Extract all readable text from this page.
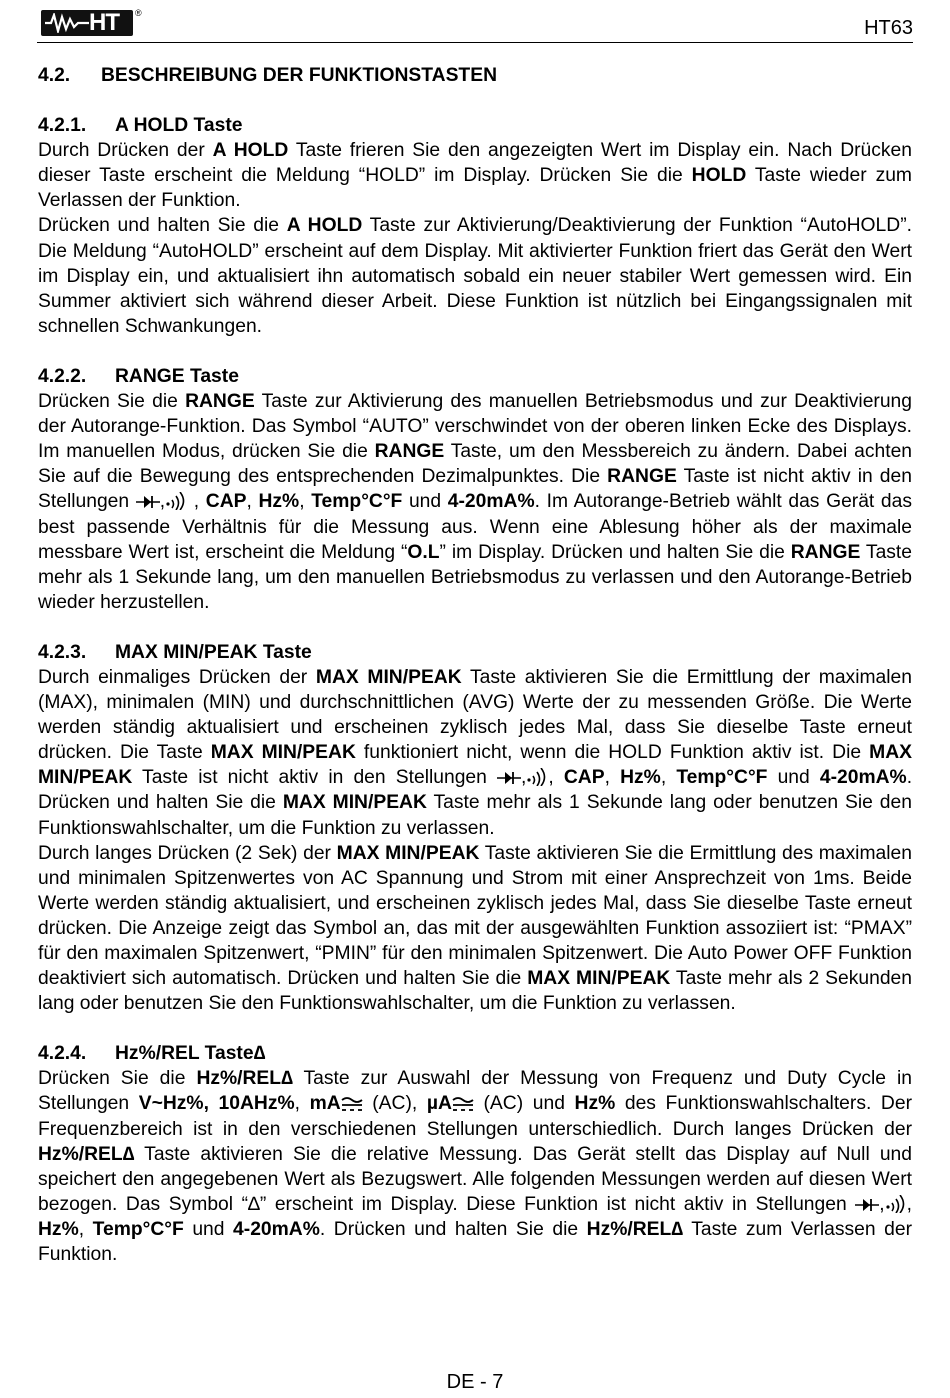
HT ®
HT63
4.2. BESCHREIBUNG DER FUNKTIONSTASTEN
4.2.1. A HOLD Taste

Durch Drücken der A HOLD Taste frieren Sie den angezeigten Wert im Display ein. Nach Drücken dieser Taste erscheint die Meldung “HOLD” im Display. Drücken Sie die HOLD Taste wieder zum Verlassen der Funktion.

Drücken und halten Sie die A HOLD Taste zur Aktivierung/Deaktivierung der Funktion “AutoHOLD”. Die Meldung “AutoHOLD” erscheint auf dem Display. Mit aktivierter Funktion friert das Gerät den Wert im Display ein, und aktualisiert ihn automatisch sobald ein neuer stabiler Wert gemessen wird. Ein Summer aktiviert sich während dieser Arbeit. Diese Funktion ist nützlich bei Eingangssignalen mit schnellen Schwankungen.

4.2.2. RANGE Taste

Drücken Sie die RANGE Taste zur Aktivierung des manuellen Betriebsmodus und zur Deaktivierung der Autorange-Funktion. Das Symbol “AUTO” verschwindet von der oberen linken Ecke des Displays. Im manuellen Modus, drücken Sie die RANGE Taste, um den Messbereich zu ändern. Dabei achten Sie auf die Bewegung des entsprechenden Dezimalpunktes. Die RANGE Taste ist nicht aktiv in den Stellungen , , CAP, Hz%, Temp°C°F und 4-20mA%. Im Autorange-Betrieb wählt das Gerät das best passende Verhältnis für die Messung aus. Wenn eine Ablesung höher als der maximale messbare Wert ist, erscheint die Meldung “O.L” im Display. Drücken und halten Sie die RANGE Taste mehr als 1 Sekunde lang, um den manuellen Betriebsmodus zu verlassen und den Autorange-Betrieb wieder herzustellen.

4.2.3. MAX MIN/PEAK Taste

Durch einmaliges Drücken der MAX MIN/PEAK Taste aktivieren Sie die Ermittlung der maximalen (MAX), minimalen (MIN) und durchschnittlichen (AVG) Werte der zu messenden Größe. Die Werte werden ständig aktualisiert und erscheinen zyklisch jedes Mal, dass Sie dieselbe Taste erneut drücken. Die Taste MAX MIN/PEAK funktioniert nicht, wenn die HOLD Funktion aktiv ist. Die MAX MIN/PEAK Taste ist nicht aktiv in den Stellungen , , CAP, Hz%, Temp°C°F und 4-20mA%. Drücken und halten Sie die MAX MIN/PEAK Taste mehr als 1 Sekunde lang oder benutzen Sie den Funktionswahlschalter, um die Funktion zu verlassen.

Durch langes Drücken (2 Sek) der MAX MIN/PEAK Taste aktivieren Sie die Ermittlung des maximalen und minimalen Spitzenwertes von AC Spannung und Strom mit einer Ansprechzeit von 1ms. Beide Werte werden ständig aktualisiert, und erscheinen zyklisch jedes Mal, dass Sie dieselbe Taste erneut drücken. Die Anzeige zeigt das Symbol an, das mit der ausgewählten Funktion assoziiert ist: “PMAX” für den maximalen Spitzenwert, “PMIN” für den minimalen Spitzenwert. Die Auto Power OFF Funktion deaktiviert sich automatisch. Drücken und halten Sie die MAX MIN/PEAK Taste mehr als 2 Sekunden lang oder benutzen Sie den Funktionswahlschalter, um die Funktion zu verlassen.

4.2.4. Hz%/REL Taste∆

Drücken Sie die Hz%/REL∆ Taste zur Auswahl der Messung von Frequenz und Duty Cycle in Stellungen V~Hz%, 10AHz%, mA (AC), µA (AC) und Hz% des Funktionswahlschalters. Der Frequenzbereich ist in den verschiedenen Stellungen unterschiedlich. Durch langes Drücken der Hz%/REL∆ Taste aktivieren Sie die relative Messung. Das Gerät stellt das Display auf Null und speichert den angegebenen Wert als Bezugswert. Alle folgenden Messungen werden auf diesen Wert bezogen. Das Symbol “∆” erscheint im Display. Diese Funktion ist nicht aktiv in Stellungen , , Hz%, Temp°C°F und 4-20mA%. Drücken und halten Sie die Hz%/REL∆ Taste zum Verlassen der Funktion.

DE - 7
